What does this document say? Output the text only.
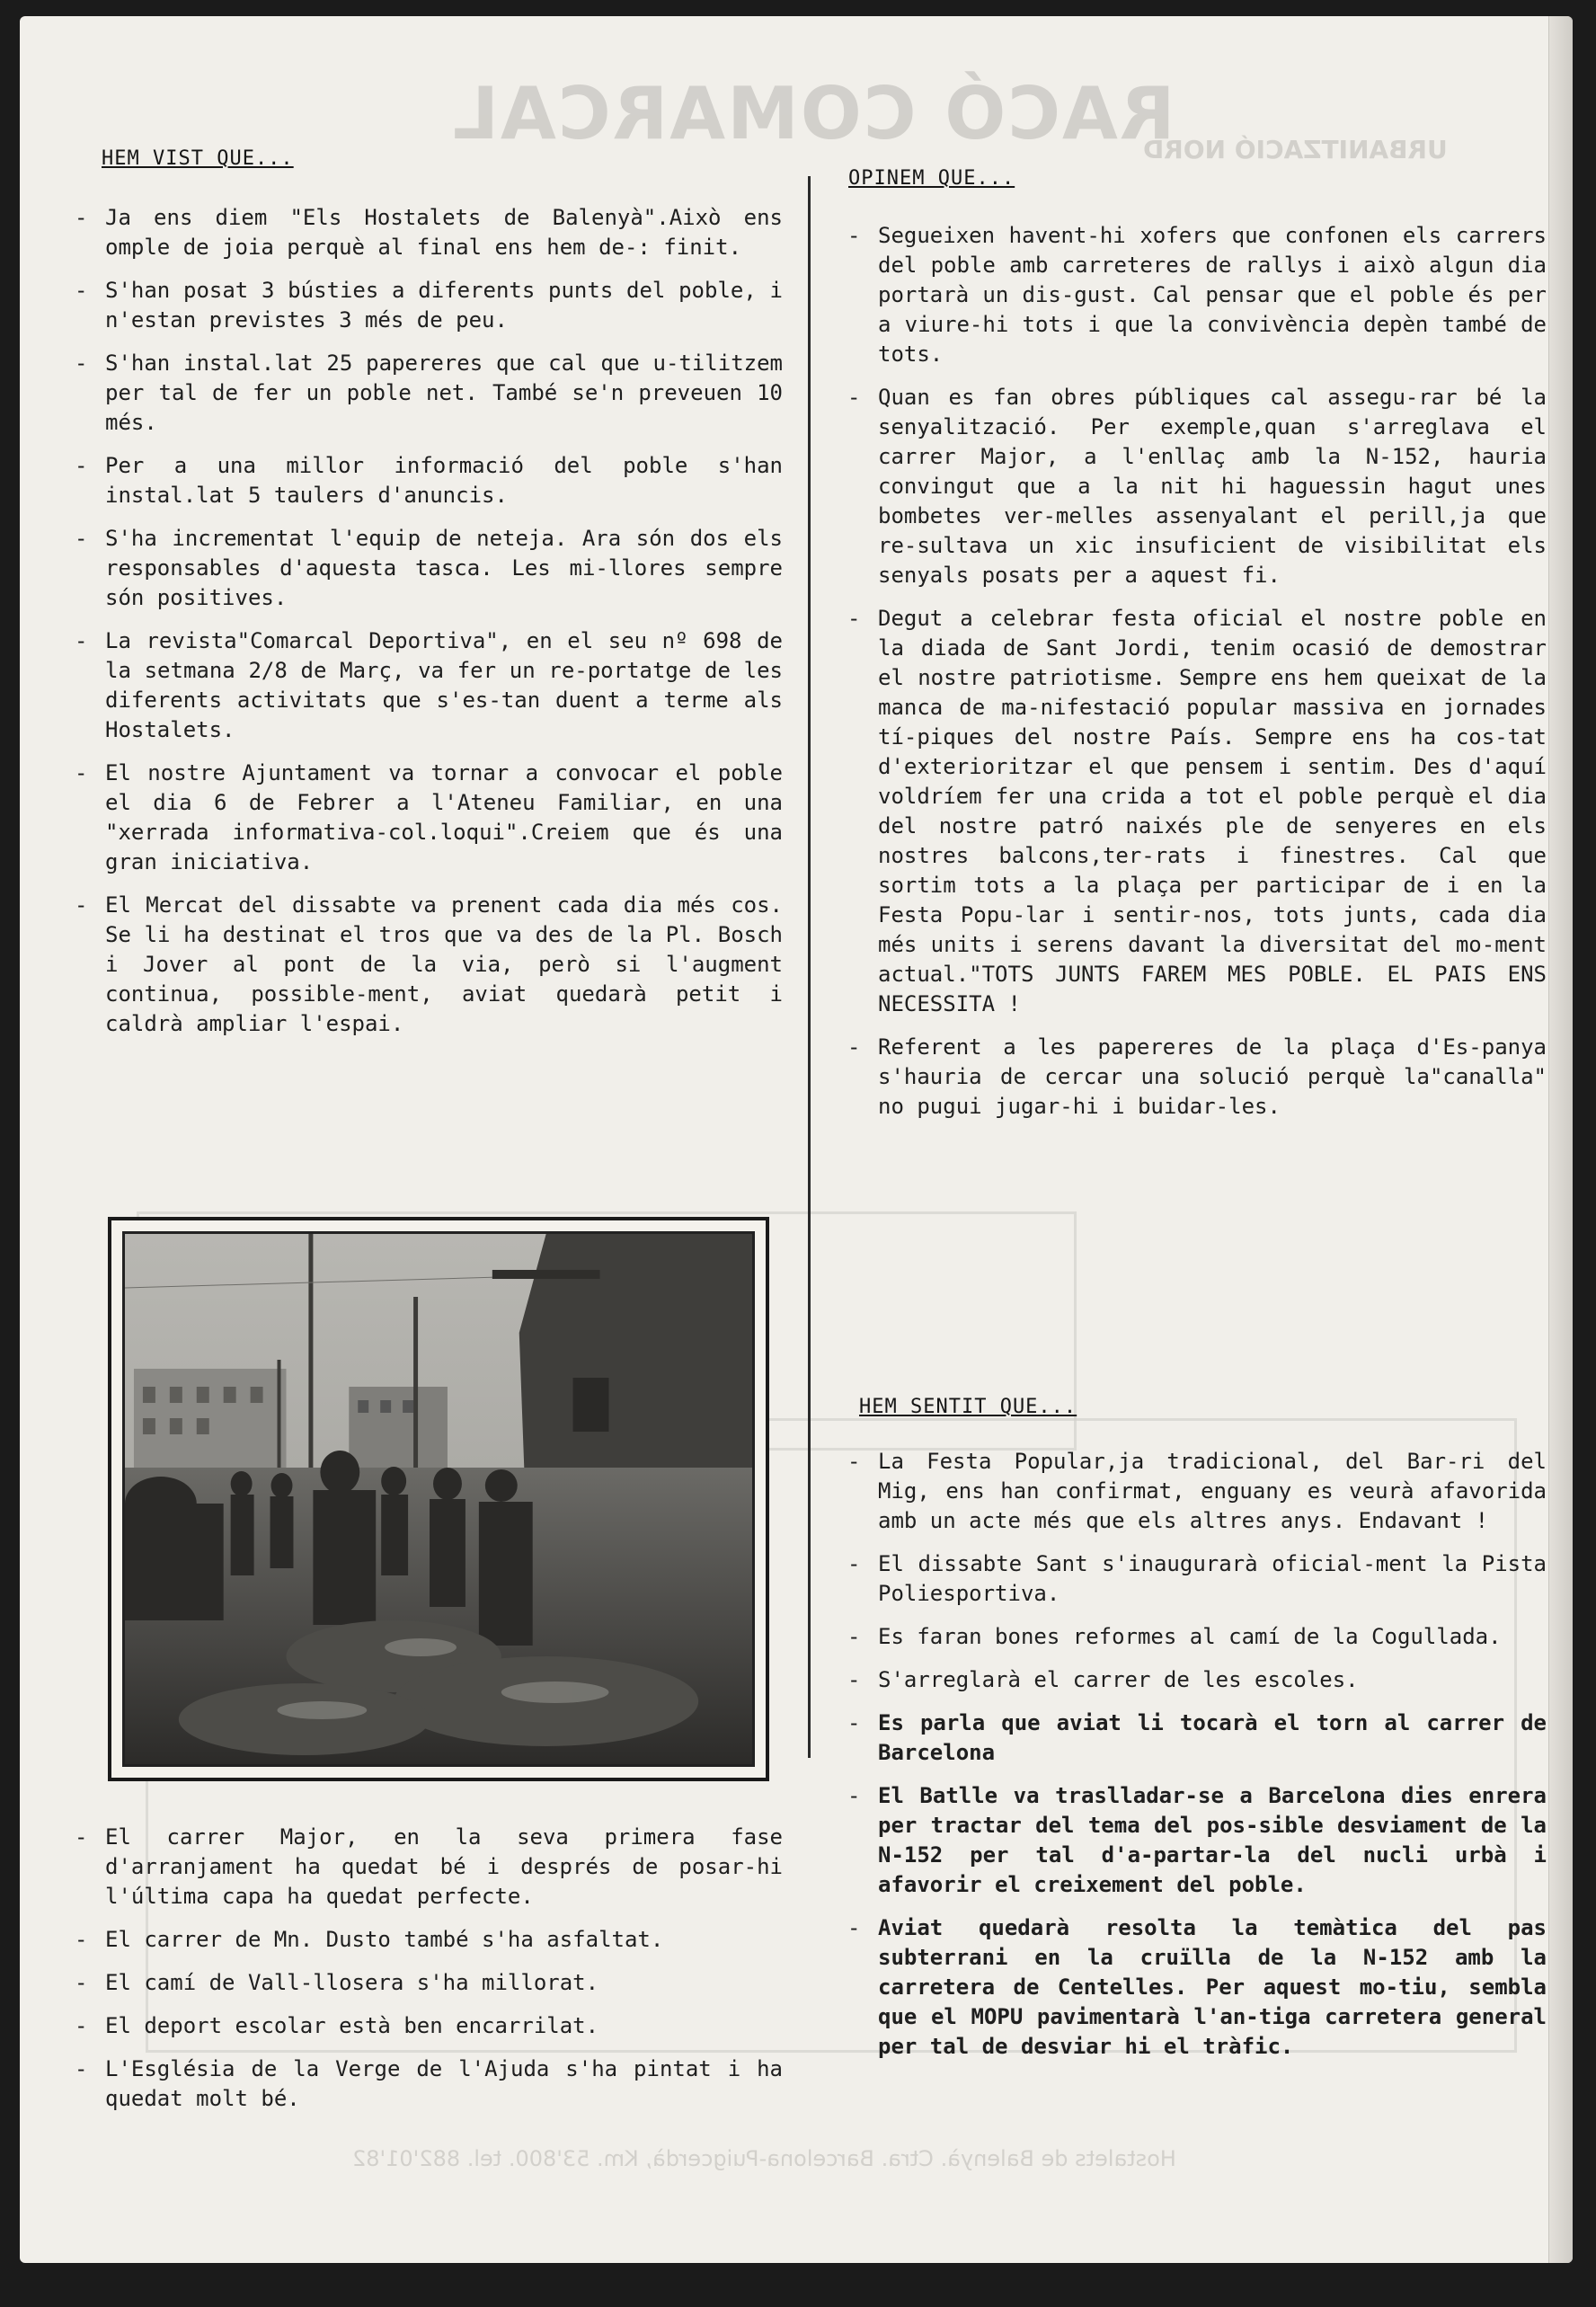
RACÓ COMARCAL
URBANITZACIÓ NORD
Hostalets de Balenyà. Ctra. Barcelona-Puigcerdà, Km. 53'800. tel. 882'01'82
HEM VIST QUE...
- Ja ens diem "Els Hostalets de Balenyà".Això ens omple de joia perquè al final ens hem de-: finit.
- S'han posat 3 bústies a diferents punts del poble, i n'estan previstes 3 més de peu.
- S'han instal.lat 25 papereres que cal que u-tilitzem per tal de fer un poble net. També se'n preveuen 10 més.
- Per a una millor informació del poble s'han instal.lat 5 taulers d'anuncis.
- S'ha incrementat l'equip de neteja. Ara són dos els responsables d'aquesta tasca. Les mi-llores sempre són positives.
- La revista"Comarcal Deportiva", en el seu nº 698 de la setmana 2/8 de Març, va fer un re-portatge de les diferents activitats que s'es-tan duent a terme als Hostalets.
- El nostre Ajuntament va tornar a convocar el poble el dia 6 de Febrer a l'Ateneu Familiar, en una "xerrada informativa-col.loqui".Creiem que és una gran iniciativa.
- El Mercat del dissabte va prenent cada dia més cos. Se li ha destinat el tros que va des de la Pl. Bosch i Jover al pont de la via, però si l'augment continua, possible-ment, aviat quedarà petit i caldrà ampliar l'espai.
- El carrer Major, en la seva primera fase d'arranjament ha quedat bé i després de posar-hi l'última capa ha quedat perfecte.
- El carrer de Mn. Dusto també s'ha asfaltat.
- El camí de Vall-llosera s'ha millorat.
- El deport escolar està ben encarrilat.
- L'Església de la Verge de l'Ajuda s'ha pintat i ha quedat molt bé.
OPINEM QUE...
- Segueixen havent-hi xofers que confonen els carrers del poble amb carreteres de rallys i això algun dia portarà un dis-gust. Cal pensar que el poble és per a viure-hi tots i que la convivència depèn també de tots.
- Quan es fan obres públiques cal assegu-rar bé la senyalització. Per exemple,quan s'arreglava el carrer Major, a l'enllaç amb la N-152, hauria convingut que a la nit hi haguessin hagut unes bombetes ver-melles assenyalant el perill,ja que re-sultava un xic insuficient de visibilitat els senyals posats per a aquest fi.
- Degut a celebrar festa oficial el nostre poble en la diada de Sant Jordi, tenim ocasió de demostrar el nostre patriotisme. Sempre ens hem queixat de la manca de ma-nifestació popular massiva en jornades tí-piques del nostre País. Sempre ens ha cos-tat d'exterioritzar el que pensem i sentim. Des d'aquí voldríem fer una crida a tot el poble perquè el dia del nostre patró naixés ple de senyeres en els nostres balcons,ter-rats i finestres. Cal que sortim tots a la plaça per participar de i en la Festa Popu-lar i sentir-nos, tots junts, cada dia més units i serens davant la diversitat del mo-ment actual."TOTS JUNTS FAREM MES POBLE. EL PAIS ENS NECESSITA !
- Referent a les papereres de la plaça d'Es-panya s'hauria de cercar una solució perquè la"canalla" no pugui jugar-hi i buidar-les.
HEM SENTIT QUE...
- La Festa Popular,ja tradicional, del Bar-ri del Mig, ens han confirmat, enguany es veurà afavorida amb un acte més que els altres anys. Endavant !
- El dissabte Sant s'inaugurarà oficial-ment la Pista Poliesportiva.
- Es faran bones reformes al camí de la Cogullada.
- S'arreglarà el carrer de les escoles.
- Es parla que aviat li tocarà el torn al carrer de Barcelona
- El Batlle va traslladar-se a Barcelona dies enrera per tractar del tema del pos-sible desviament de la N-152 per tal d'a-partar-la del nucli urbà i afavorir el creixement del poble.
- Aviat quedarà resolta la temàtica del pas subterrani en la cruïlla de la N-152 amb la carretera de Centelles. Per aquest mo-tiu, sembla que el MOPU pavimentarà l'an-tiga carretera general per tal de desviar hi el tràfic.
